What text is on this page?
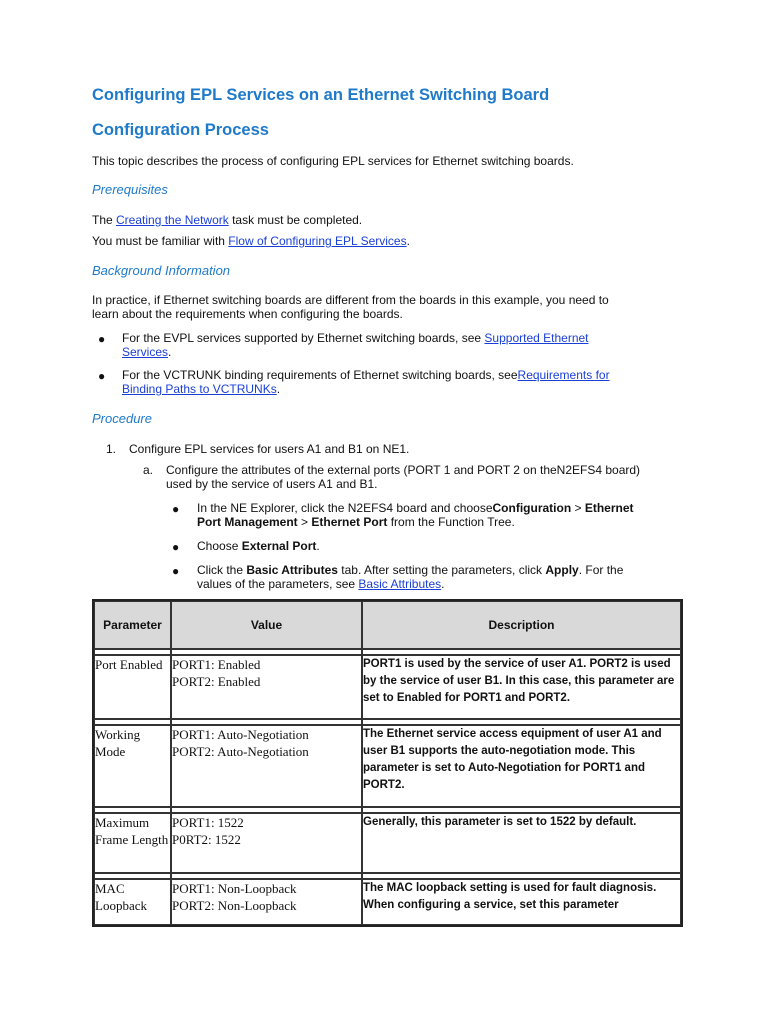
Configuring EPL Services on an Ethernet Switching Board
Configuration Process
This topic describes the process of configuring EPL services for Ethernet switching boards.
Prerequisites
The Creating the Network task must be completed.
You must be familiar with Flow of Configuring EPL Services.
Background Information
In practice, if Ethernet switching boards are different from the boards in this example, you need to
learn about the requirements when configuring the boards.
● For the EVPL services supported by Ethernet switching boards, see Supported Ethernet
Services.
● For the VCTRUNK binding requirements of Ethernet switching boards, seeRequirements for
Binding Paths to VCTRUNKs.
Procedure
1. Configure EPL services for users A1 and B1 on NE1.
a. Configure the attributes of the external ports (PORT 1 and PORT 2 on theN2EFS4 board)
used by the service of users A1 and B1.
● In the NE Explorer, click the N2EFS4 board and chooseConfiguration > Ethernet
Port Management > Ethernet Port from the Function Tree.
● Choose External Port.
● Click the Basic Attributes tab. After setting the parameters, click Apply. For the
values of the parameters, see Basic Attributes.
Parameter	Value	Description

Port Enabled	PORT1: Enabled
PORT2: Enabled	PORT1 is used by the service of user A1. PORT2 is used by the service of user B1. In this case, this parameter are set to Enabled for PORT1 and PORT2.

Working Mode	PORT1: Auto-Negotiation
PORT2: Auto-Negotiation	The Ethernet service access equipment of user A1 and user B1 supports the auto-negotiation mode. This parameter is set to Auto-Negotiation for PORT1 and PORT2.

Maximum Frame Length	PORT1: 1522
P0RT2: 1522	Generally, this parameter is set to 1522 by default.

MAC Loopback	PORT1: Non-Loopback
PORT2: Non-Loopback	The MAC loopback setting is used for fault diagnosis. When configuring a service, set this parameter
